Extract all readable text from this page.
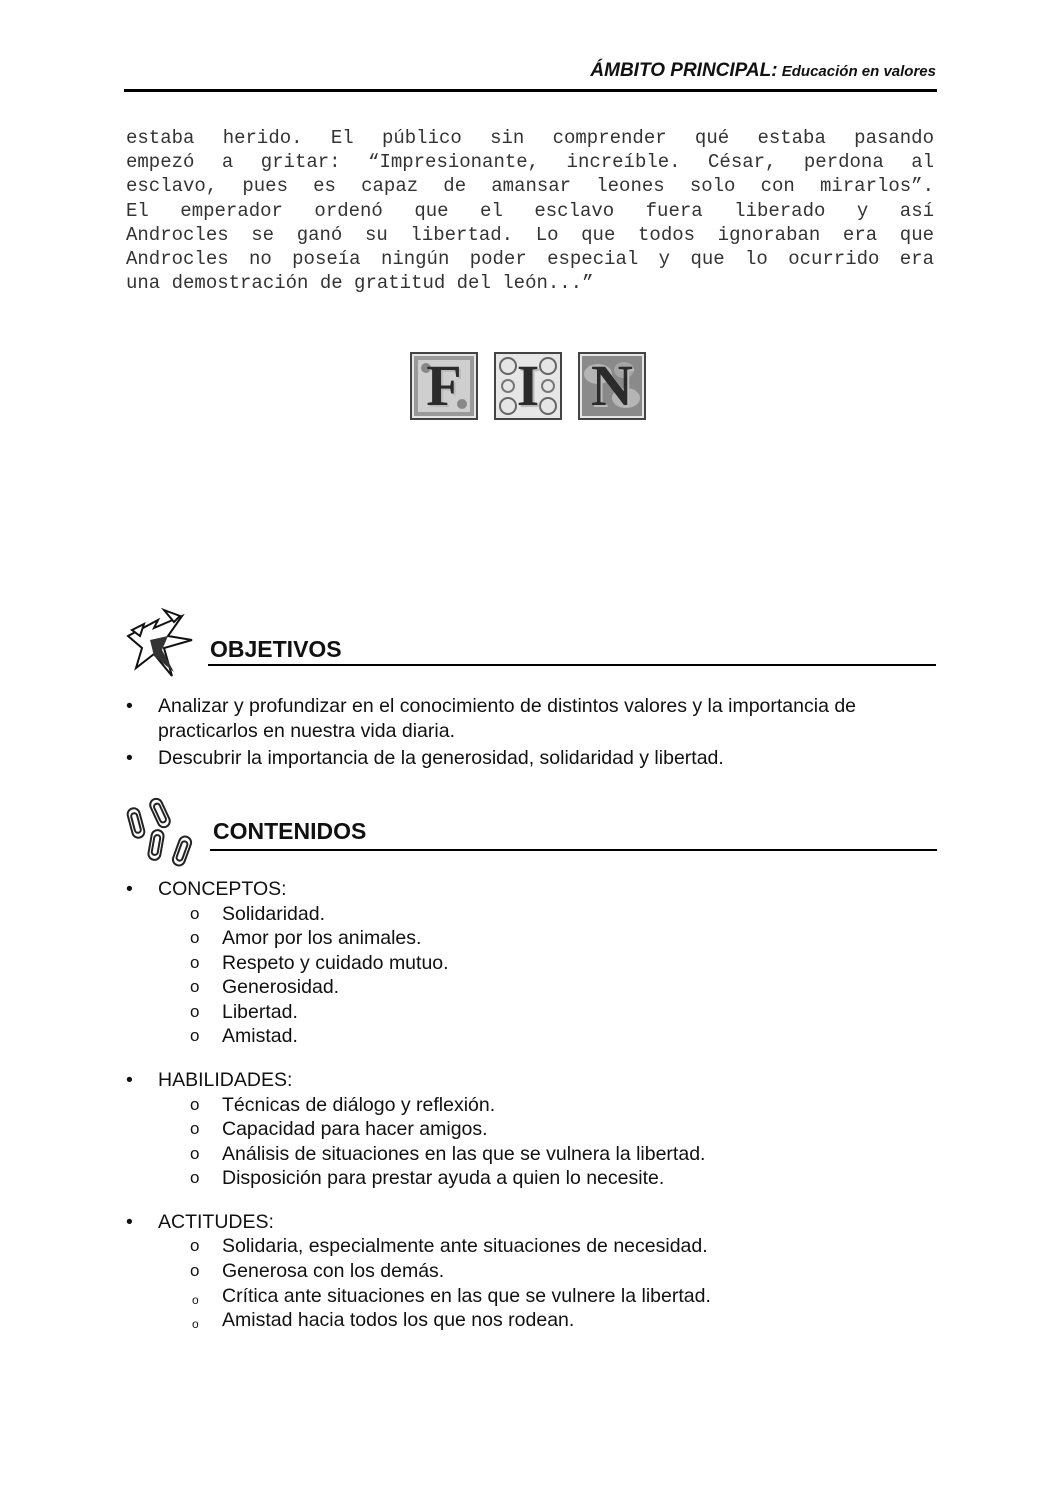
ÁMBITO PRINCIPAL: Educación en valores
estaba herido. El público sin comprender qué estaba pasando
empezó a gritar: “Impresionante, increíble. César, perdona al
esclavo, pues es capaz de amansar leones solo con mirarlos”.
El emperador ordenó que el esclavo fuera liberado y así
Androcles se ganó su libertad. Lo que todos ignoraban era que
Androcles no poseía ningún poder especial y que lo ocurrido era
una demostración de gratitud del león...”
F I N
OBJETIVOS
•	Analizar y profundizar en el conocimiento de distintos valores y la importancia de practicarlos en nuestra vida diaria.
•	Descubrir la importancia de la generosidad, solidaridad y libertad.
CONTENIDOS
•	CONCEPTOS:
o Solidaridad.
o Amor por los animales.
o Respeto y cuidado mutuo.
o Generosidad.
o Libertad.
o Amistad.
•	HABILIDADES:
o Técnicas de diálogo y reflexión.
o Capacidad para hacer amigos.
o Análisis de situaciones en las que se vulnera la libertad.
o Disposición para prestar ayuda a quien lo necesite.
•	ACTITUDES:
o Solidaria, especialmente ante situaciones de necesidad.
o Generosa con los demás.
o Crítica ante situaciones en las que se vulnere la libertad.
o Amistad hacia todos los que nos rodean.
